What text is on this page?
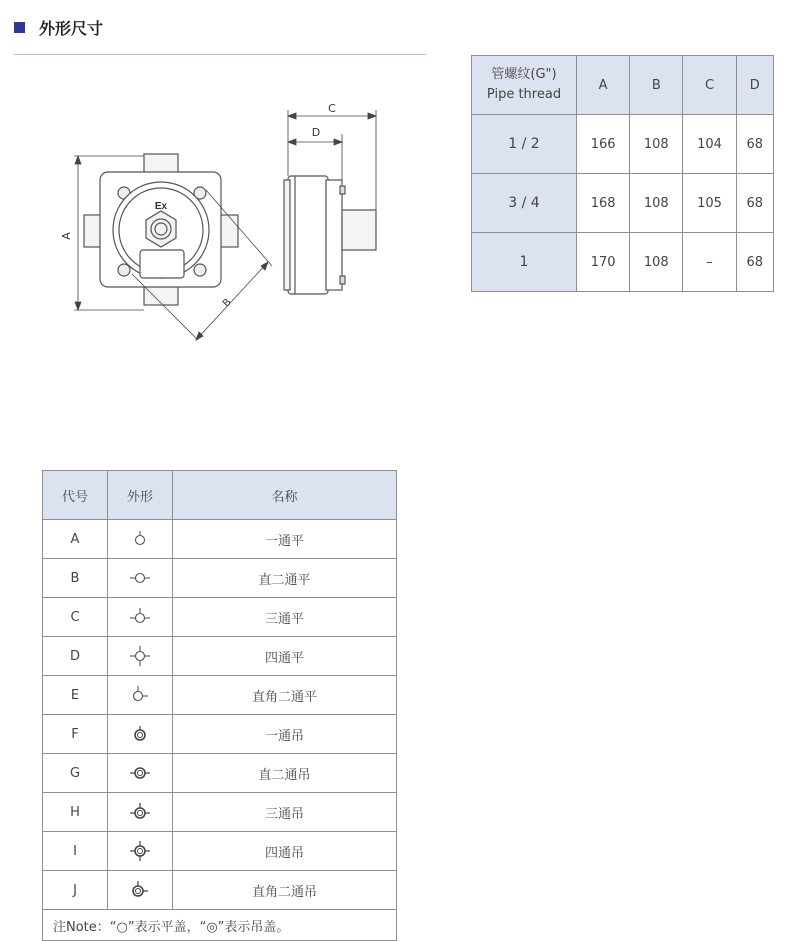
外形尺寸
Ex
A
B
C
D
管螺纹(G")
Pipe thread	A	B	C	D
1 / 2	166	108	104	68
3 / 4	168	108	105	68
1	170	108	–	68
代号	外形	名称
A		一通平
B		直二通平
C		三通平
D		四通平
E		直角二通平
F		一通吊
G		直二通吊
H		三通吊
I		四通吊
J		直角二通吊
注Note：“○”表示平盖，“◎”表示吊盖。		
